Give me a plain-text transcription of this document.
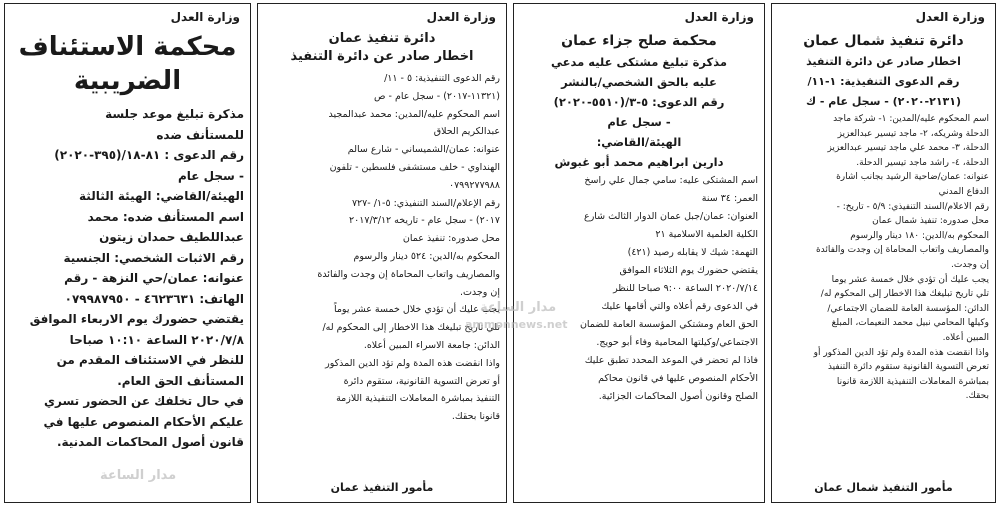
وزارة العدل

محكمة الاستئناف

الضريبية

مذكرة تبليغ موعد جلسة

للمستأنف ضده

رقم الدعوى : ٨١-١٨/(٣٩٥-٢٠٢٠)

- سجل عام

الهيئة/القاضي: الهيئة الثالثة

اسم المستأنف ضده: محمد

عبداللطيف حمدان زيتون

رقم الاثبات الشخصي: الجنسية

عنوانه: عمان/حي النزهة - رقم

الهاتف: ٤٦٢٣٦٣١ - ٠٧٩٩٨٧٩٥٠

يقتضي حضورك يوم الاربعاء الموافق

٢٠٢٠/٧/٨ الساعة ١٠:١٠ صباحا

للنظر في الاستئناف المقدم من

المستأنف الحق العام.

في حال تخلفك عن الحضور تسري

عليكم الأحكام المنصوص عليها في

قانون أصول المحاكمات المدنية.

وزارة العدل

دائرة تنفيذ عمان

اخطار صادر عن دائرة التنفيذ

رقم الدعوى التنفيذية: ٥ - ١١/

(١١٣٢١-٢٠١٧) - سجل عام - ص

اسم المحكوم عليه/المدين: محمد عبدالمجيد

عبدالكريم الحلاق

عنوانه: عمان/الشميساني - شارع سالم

الهنداوي - خلف مستشفى فلسطين - تلفون

٠٧٩٩٢٧٧٩٨٨

رقم الإعلام/السند التنفيذي: ٥-١/ -٧٢٧

٢٠١٧) - سجل عام - تاريخه ٢٠١٧/٣/١٢

محل صدوره: تنفيذ عمان

المحكوم به/الدين: ٥٢٤ دينار والرسوم

والمصاريف واتعاب المحاماة إن وجدت والفائدة

إن وجدت.

يجب عليك أن تؤدي خلال خمسة عشر يوماً

تلي تاريخ تبليغك هذا الاخطار إلى المحكوم له/

الدائن: جامعة الاسراء المبين أعلاه.

واذا انقضت هذه المدة ولم تؤد الدين المذكور

أو تعرض التسوية القانونية، ستقوم دائرة

التنفيذ بمباشرة المعاملات التنفيذية اللازمة

قانونا بحقك.

مأمور التنفيذ عمان

وزارة العدل

محكمة صلح جزاء عمان

مذكرة تبليغ مشتكى عليه مدعي

عليه بالحق الشخصي/بالنشر

رقم الدعوى: ٥-٣/(٥٥١٠-٢٠٢٠)

- سجل عام

الهيئة/القاضي:

دارين ابراهيم محمد أبو غبوش

اسم المشتكى عليه: سامي جمال علي راسخ

العمر: ٣٤ سنة

العنوان: عمان/جبل عمان الدوار الثالث شارع

الكلية العلمية الاسلامية ٢١

التهمة: شيك لا يقابله رصيد (٤٢١)

يقتضي حضورك يوم الثلاثاء الموافق

٢٠٢٠/٧/١٤ الساعة ٩:٠٠ صباحا للنظر

في الدعوى رقم أعلاه والتي أقامها عليك

الحق العام ومشتكي المؤسسة العامة للضمان

الاجتماعي/وكيلتها المحامية وفاء أبو حويج.

فاذا لم تحضر في الموعد المحدد تطبق عليك

الأحكام المنصوص عليها في قانون محاكم

الصلح وقانون أصول المحاكمات الجزائية.

وزارة العدل

دائرة تنفيذ شمال عمان

اخطار صادر عن دائرة التنفيذ

رقم الدعوى التنفيذية: ١-١١/

(٢١٣١-٢٠٢٠) - سجل عام - ك

اسم المحكوم عليه/المدين: ١- شركة ماجد

الدحلة وشريكه، ٢- ماجد تيسير عبدالعزيز

الدحلة، ٣- محمد علي ماجد تيسير عبدالعزيز

الدحلة، ٤- راشد ماجد تيسير الدحلة.

عنوانه: عمان/ضاحية الرشيد بجانب اشارة

الدفاع المدني

رقم الاعلام/السند التنفيذي: ٥/٩ - تاريخ: -

محل صدوره: تنفيذ شمال عمان

المحكوم به/الدين: ١٨٠ دينار والرسوم

والمصاريف واتعاب المحاماة إن وجدت والفائدة

إن وجدت.

يجب عليك أن تؤدي خلال خمسة عشر يوما

تلي تاريخ تبليغك هذا الاخطار إلى المحكوم له/

الدائن: المؤسسة العامة للضمان الاجتماعي/

وكيلها المحامي نبيل محمد النعيمات، المبلغ

المبين أعلاه.

واذا انقضت هذه المدة ولم تؤد الدين المذكور أو

تعرض التسوية القانونية ستقوم دائرة التنفيذ

بمباشرة المعاملات التنفيذية اللازمة قانونا

بحقك.

مأمور التنفيذ شمال عمان

مدار الساعة
ammonnews.net
مدار الساعة
